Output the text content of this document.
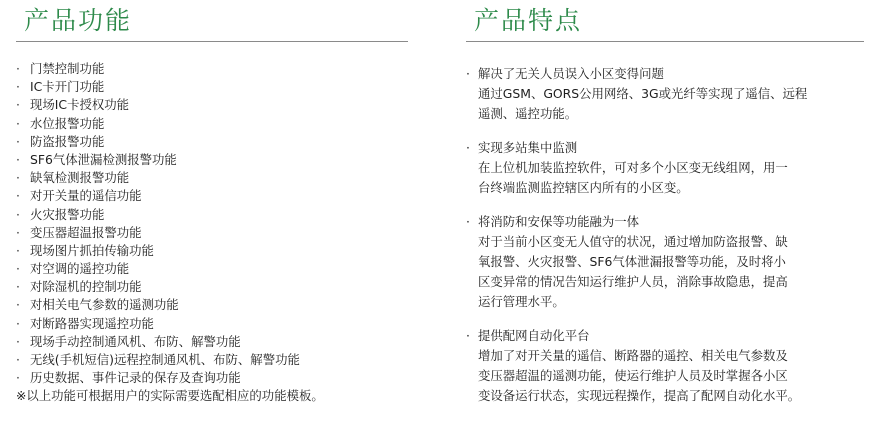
产品功能
· 门禁控制功能
· IC卡开门功能
· 现场IC卡授权功能
· 水位报警功能
· 防盗报警功能
· SF6气体泄漏检测报警功能
· 缺氧检测报警功能
· 对开关量的遥信功能
· 火灾报警功能
· 变压器超温报警功能
· 现场图片抓拍传输功能
· 对空调的遥控功能
· 对除湿机的控制功能
· 对相关电气参数的遥测功能
· 对断路器实现遥控功能
· 现场手动控制通风机、布防、解警功能
· 无线(手机短信)远程控制通风机、布防、解警功能
· 历史数据、事件记录的保存及查询功能
※以上功能可根据用户的实际需要选配相应的功能模板。
产品特点
· 解决了无关人员误入小区变得问题
通过GSM、GORS公用网络、3G或光纤等实现了遥信、远程
遥测、遥控功能。
· 实现多站集中监测
在上位机加装监控软件，可对多个小区变无线组网，用一
台终端监测监控辖区内所有的小区变。
· 将消防和安保等功能融为一体
对于当前小区变无人值守的状况，通过增加防盗报警、缺
氧报警、火灾报警、SF6气体泄漏报警等功能，及时将小
区变异常的情况告知运行维护人员，消除事故隐患，提高
运行管理水平。
· 提供配网自动化平台
增加了对开关量的遥信、断路器的遥控、相关电气参数及
变压器超温的遥测功能，使运行维护人员及时掌握各小区
变设备运行状态，实现远程操作，提高了配网自动化水平。
